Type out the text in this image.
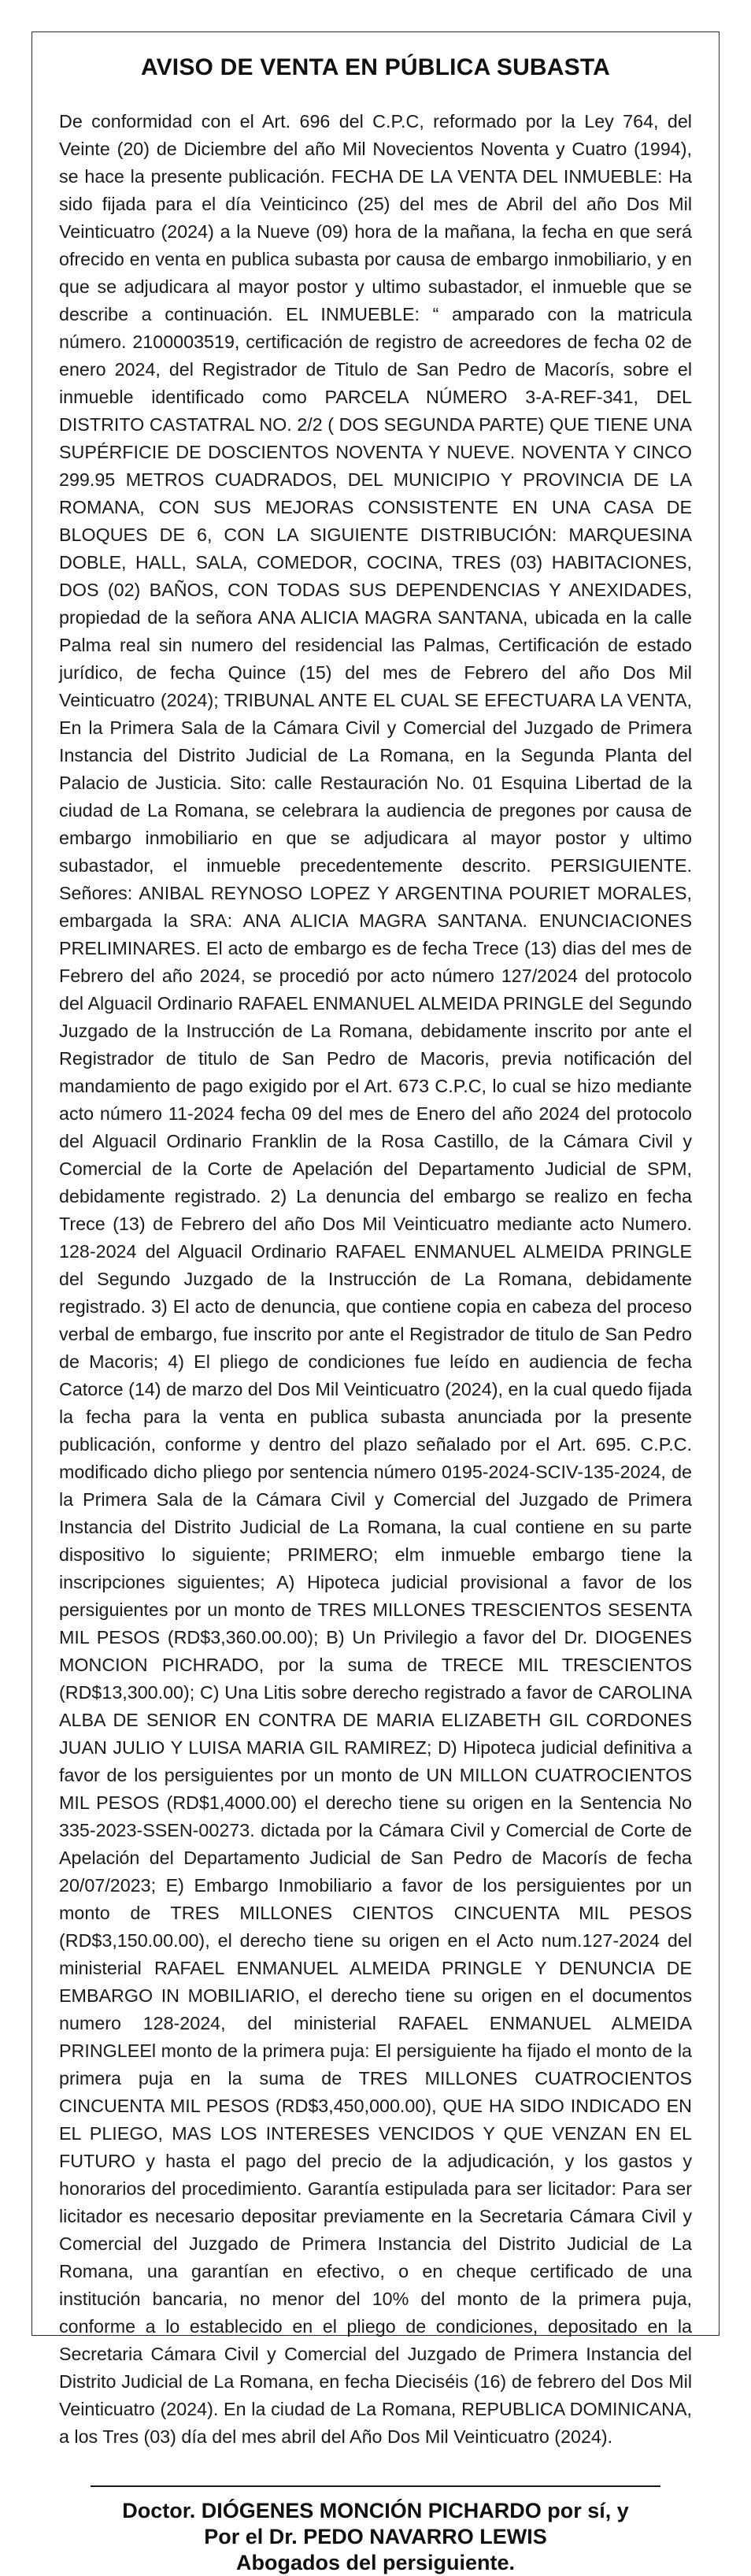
AVISO DE VENTA EN PÚBLICA SUBASTA

De conformidad con el Art. 696 del C.P.C, reformado por la Ley 764, del Veinte (20) de Diciembre del año Mil Novecientos Noventa y Cuatro (1994), se hace la presente publicación. FECHA DE LA VENTA DEL INMUEBLE: Ha sido fijada para el día Veinticinco (25) del mes de Abril del año Dos Mil Veinticuatro (2024) a la Nueve (09) hora de la mañana, la fecha en que será ofrecido en venta en publica subasta por causa de embargo inmobiliario, y en que se adjudicara al mayor postor y ultimo subastador, el inmueble que se describe a continuación. EL INMUEBLE: “ amparado con la matricula número. 2100003519, certificación de registro de acreedores de fecha 02 de enero 2024, del Registrador de Titulo de San Pedro de Macorís, sobre el inmueble identificado como PARCELA NÚMERO 3-A-REF-341, DEL DISTRITO CASTATRAL NO. 2/2 ( DOS SEGUNDA PARTE) QUE TIENE UNA SUPÉRFICIE DE DOSCIENTOS NOVENTA Y NUEVE. NOVENTA Y CINCO 299.95 METROS CUADRADOS, DEL MUNICIPIO Y PROVINCIA DE LA ROMANA, CON SUS MEJORAS CONSISTENTE EN UNA CASA DE BLOQUES DE 6, CON LA SIGUIENTE DISTRIBUCIÓN: MARQUESINA DOBLE, HALL, SALA, COMEDOR, COCINA, TRES (03) HABITACIONES, DOS (02) BAÑOS, CON TODAS SUS DEPENDENCIAS Y ANEXIDADES, propiedad de la señora ANA ALICIA MAGRA SANTANA, ubicada en la calle Palma real sin numero del residencial las Palmas, Certificación de estado jurídico, de fecha Quince (15) del mes de Febrero del año Dos Mil Veinticuatro (2024); TRIBUNAL ANTE EL CUAL SE EFECTUARA LA VENTA, En la Primera Sala de la Cámara Civil y Comercial del Juzgado de Primera Instancia del Distrito Judicial de La Romana, en la Segunda Planta del Palacio de Justicia. Sito: calle Restauración No. 01 Esquina Libertad de la ciudad de La Romana, se celebrara la audiencia de pregones por causa de embargo inmobiliario en que se adjudicara al mayor postor y ultimo subastador, el inmueble precedentemente descrito. PERSIGUIENTE. Señores: ANIBAL REYNOSO LOPEZ Y ARGENTINA POURIET MORALES, embargada la SRA: ANA ALICIA MAGRA SANTANA. ENUNCIACIONES PRELIMINARES. El acto de embargo es de fecha Trece (13) dias del mes de Febrero del año 2024, se procedió por acto número 127/2024 del protocolo del Alguacil Ordinario RAFAEL ENMANUEL ALMEIDA PRINGLE del Segundo Juzgado de la Instrucción de La Romana, debidamente inscrito por ante el Registrador de titulo de San Pedro de Macoris, previa notificación del mandamiento de pago exigido por el Art. 673 C.P.C, lo cual se hizo mediante acto número 11-2024 fecha 09 del mes de Enero del año 2024 del protocolo del Alguacil Ordinario Franklin de la Rosa Castillo, de la Cámara Civil y Comercial de la Corte de Apelación del Departamento Judicial de SPM, debidamente registrado. 2) La denuncia del embargo se realizo en fecha Trece (13) de Febrero del año Dos Mil Veinticuatro mediante acto Numero. 128-2024 del Alguacil Ordinario RAFAEL ENMANUEL ALMEIDA PRINGLE del Segundo Juzgado de la Instrucción de La Romana, debidamente registrado. 3) El acto de denuncia, que contiene copia en cabeza del proceso verbal de embargo, fue inscrito por ante el Registrador de titulo de San Pedro de Macoris; 4) El pliego de condiciones fue leído en audiencia de fecha Catorce (14) de marzo del Dos Mil Veinticuatro (2024), en la cual quedo fijada la fecha para la venta en publica subasta anunciada por la presente publicación, conforme y dentro del plazo señalado por el Art. 695. C.P.C. modificado dicho pliego por sentencia número 0195-2024-SCIV-135-2024, de la Primera Sala de la Cámara Civil y Comercial del Juzgado de Primera Instancia del Distrito Judicial de La Romana, la cual contiene en su parte dispositivo lo siguiente; PRIMERO; elm inmueble embargo tiene la inscripciones siguientes; A) Hipoteca judicial provisional a favor de los persiguientes por un monto de TRES MILLONES TRESCIENTOS SESENTA MIL PESOS (RD$3,360.00.00); B) Un Privilegio a favor del Dr. DIOGENES MONCION PICHRADO, por la suma de TRECE MIL TRESCIENTOS (RD$13,300.00); C) Una Litis sobre derecho registrado a favor de CAROLINA ALBA DE SENIOR EN CONTRA DE MARIA ELIZABETH GIL CORDONES JUAN JULIO Y LUISA MARIA GIL RAMIREZ; D) Hipoteca judicial definitiva a favor de los persiguientes por un monto de UN MILLON CUATROCIENTOS MIL PESOS (RD$1,4000.00) el derecho tiene su origen en la Sentencia No 335-2023-SSEN-00273. dictada por la Cámara Civil y Comercial de Corte de Apelación del Departamento Judicial de San Pedro de Macorís de fecha 20/07/2023; E) Embargo Inmobiliario a favor de los persiguientes por un monto de TRES MILLONES CIENTOS CINCUENTA MIL PESOS (RD$3,150.00.00), el derecho tiene su origen en el Acto num.127-2024 del ministerial RAFAEL ENMANUEL ALMEIDA PRINGLE Y DENUNCIA DE EMBARGO IN MOBILIARIO, el derecho tiene su origen en el documentos numero 128-2024, del ministerial RAFAEL ENMANUEL ALMEIDA PRINGLEEl monto de la primera puja: El persiguiente ha fijado el monto de la primera puja en la suma de TRES MILLONES CUATROCIENTOS CINCUENTA MIL PESOS (RD$3,450,000.00), QUE HA SIDO INDICADO EN EL PLIEGO, MAS LOS INTERESES VENCIDOS Y QUE VENZAN EN EL FUTURO y hasta el pago del precio de la adjudicación, y los gastos y honorarios del procedimiento. Garantía estipulada para ser licitador: Para ser licitador es necesario depositar previamente en la Secretaria Cámara Civil y Comercial del Juzgado de Primera Instancia del Distrito Judicial de La Romana, una garantían en efectivo, o en cheque certificado de una institución bancaria, no menor del 10% del monto de la primera puja, conforme a lo establecido en el pliego de condiciones, depositado en la Secretaria Cámara Civil y Comercial del Juzgado de Primera Instancia del Distrito Judicial de La Romana, en fecha Dieciséis (16) de febrero del Dos Mil Veinticuatro (2024). En la ciudad de La Romana, REPUBLICA DOMINICANA, a los Tres (03) día del mes abril del Año Dos Mil Veinticuatro (2024).

Doctor. DIÓGENES MONCIÓN PICHARDO por sí, y
Por el Dr. PEDO NAVARRO LEWIS
Abogados del persiguiente.
